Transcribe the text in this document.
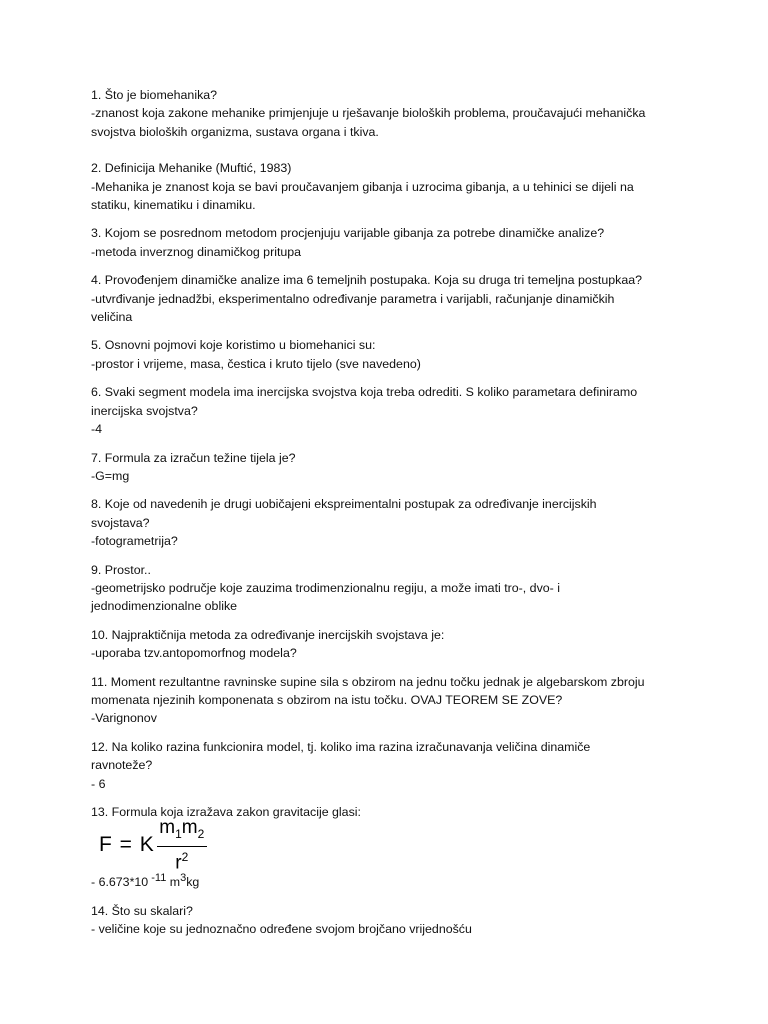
1. Što je biomehanika?
-znanost koja zakone mehanike primjenjuje u rješavanje bioloških problema, proučavajući mehanička
svojstva bioloških organizma, sustava organa i tkiva.
2. Definicija Mehanike (Muftić, 1983)
-Mehanika je znanost koja se bavi proučavanjem gibanja i uzrocima gibanja, a u tehinici se dijeli na
statiku, kinematiku i dinamiku.
3. Kojom se posrednom metodom procjenjuju varijable gibanja za potrebe dinamičke analize?
-metoda inverznog dinamičkog pritupa
4. Provođenjem dinamičke analize ima 6 temeljnih postupaka. Koja su druga tri temeljna postupkaa?
-utvrđivanje jednadžbi, eksperimentalno određivanje parametra i varijabli, računjanje dinamičkih
veličina
5. Osnovni pojmovi koje koristimo u biomehanici su:
-prostor i vrijeme, masa, čestica i kruto tijelo (sve navedeno)
6. Svaki segment modela ima inercijska svojstva koja treba odrediti. S koliko parametara definiramo
inercijska svojstva?
-4
7. Formula za izračun težine tijela je?
-G=mg
8. Koje od navedenih je drugi uobičajeni ekspreimentalni postupak za određivanje inercijskih
svojstava?
-fotogrametrija?
9. Prostor..
-geometrijsko područje koje zauzima trodimenzionalnu regiju, a može imati tro-, dvo- i
jednodimenzionalne oblike
10. Najpraktičnija metoda za određivanje inercijskih svojstava je:
-uporaba tzv.antopomorfnog modela?
11. Moment rezultantne ravninske supine sila s obzirom na jednu točku jednak je algebarskom zbroju
momenata njezinih komponenata s obzirom na istu točku. OVAJ TEOREM SE ZOVE?
-Varignonov
12. Na koliko razina funkcionira model, tj. koliko ima razina izračunavanja veličina dinamiče
ravnoteže?
- 6
13. Formula koja izražava zakon gravitacije glasi:
F = K $\frac{m_1m_2}{r^2}$
- 6.673*10 $^{-11}$ $m^3kg$
14. Što su skalari?
- veličine koje su jednoznačno određene svojom brojčano vrijednošću
